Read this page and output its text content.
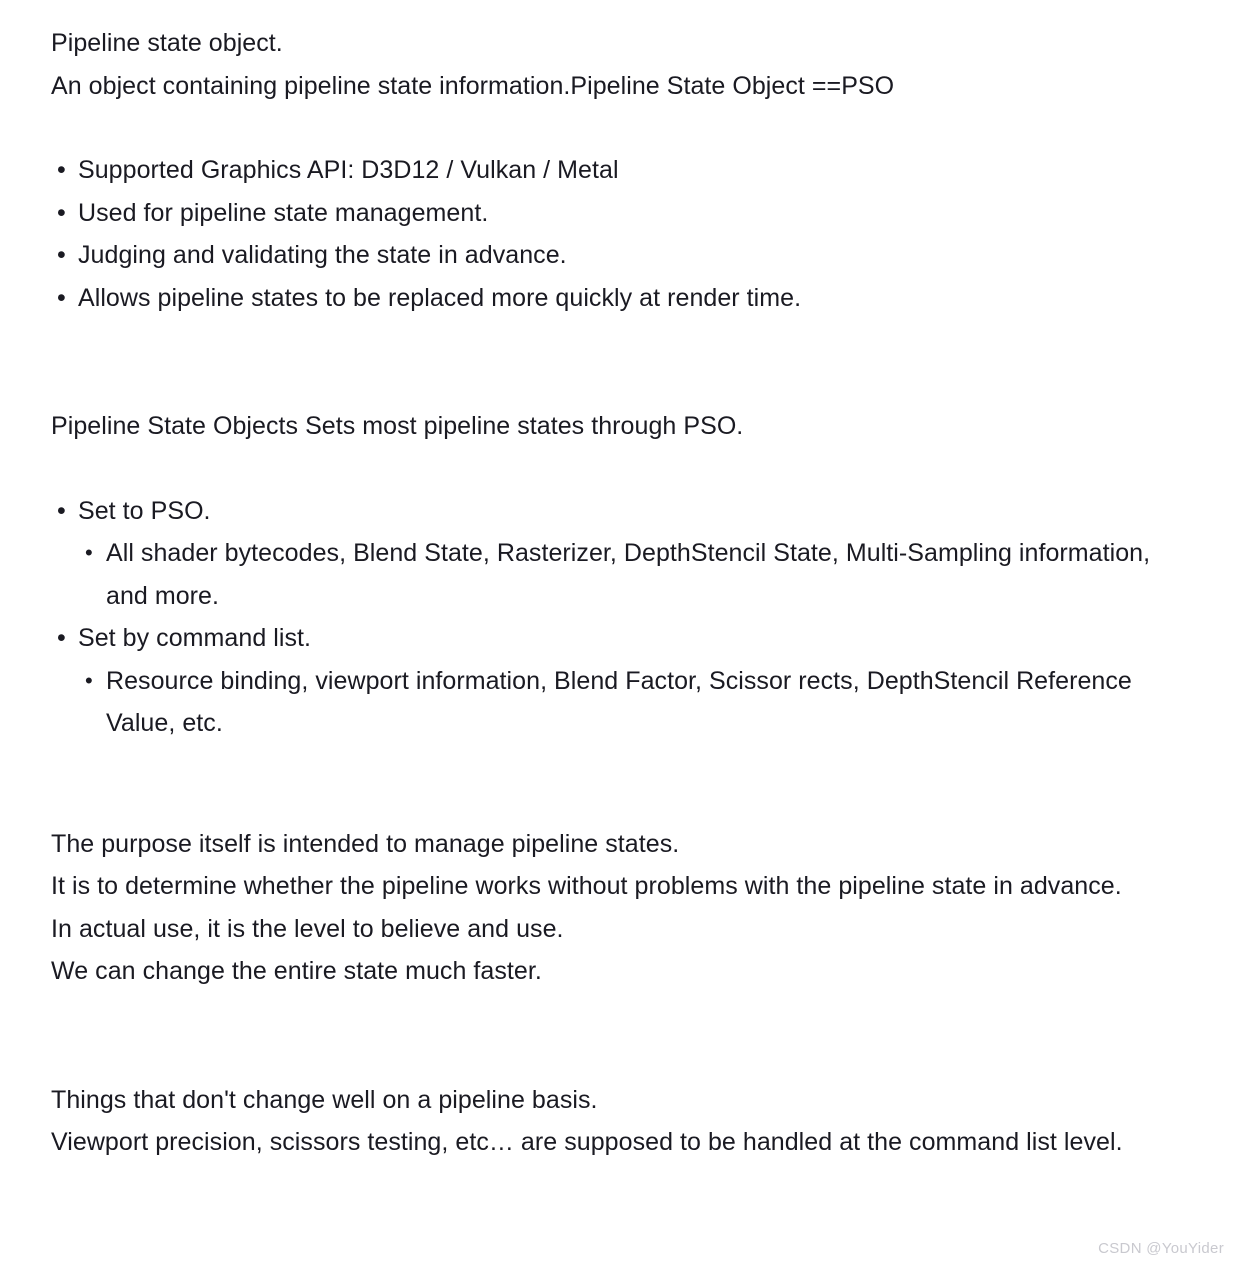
Pipeline state object.
An object containing pipeline state information.Pipeline State Object ==PSO
• Supported Graphics API: D3D12 / Vulkan / Metal
• Used for pipeline state management.
• Judging and validating the state in advance.
• Allows pipeline states to be replaced more quickly at render time.
Pipeline State Objects Sets most pipeline states through PSO.
• Set to PSO.
• All shader bytecodes, Blend State, Rasterizer, DepthStencil State, Multi-Sampling information, and more.
• Set by command list.
• Resource binding, viewport information, Blend Factor, Scissor rects, DepthStencil Reference Value, etc.
The purpose itself is intended to manage pipeline states.
It is to determine whether the pipeline works without problems with the pipeline state in advance.
In actual use, it is the level to believe and use.
We can change the entire state much faster.
Things that don't change well on a pipeline basis.
Viewport precision, scissors testing, etc… are supposed to be handled at the command list level.
CSDN @YouYider
